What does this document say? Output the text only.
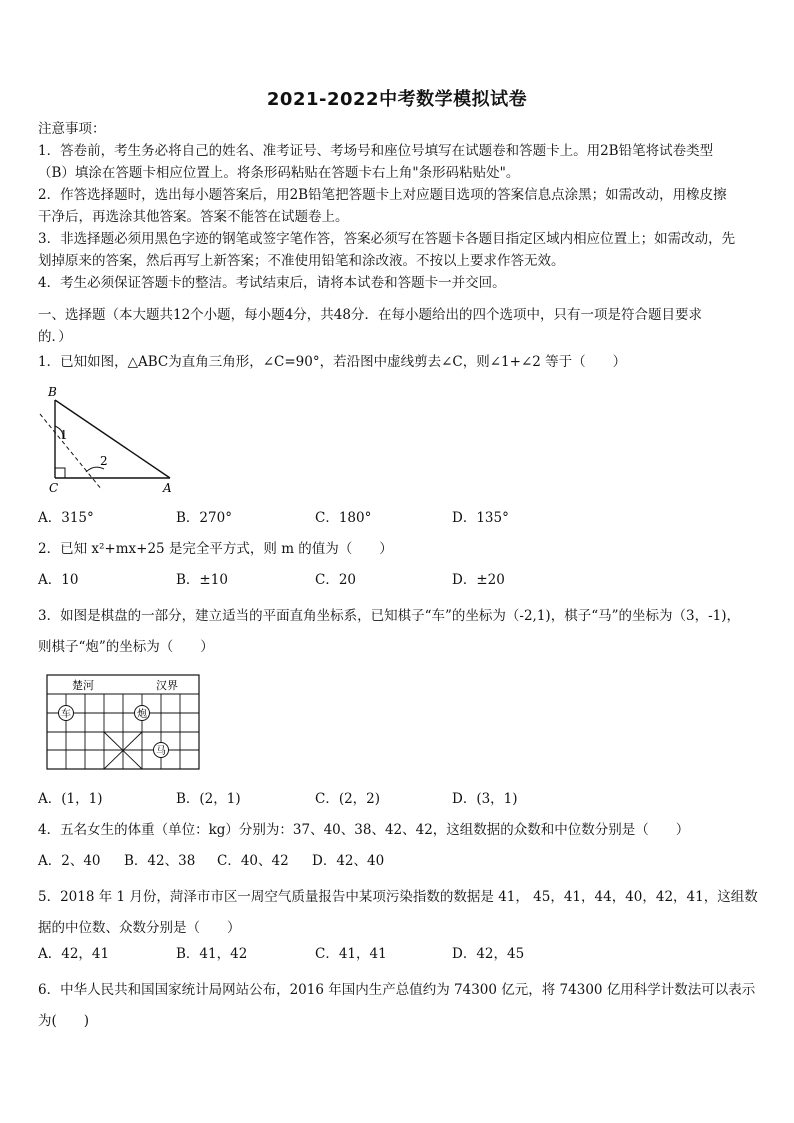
2021-2022中考数学模拟试卷
注意事项：
1．答卷前，考生务必将自己的姓名、准考证号、考场号和座位号填写在试题卷和答题卡上。用2B铅笔将试卷类型
（B）填涂在答题卡相应位置上。将条形码粘贴在答题卡右上角"条形码粘贴处"。
2．作答选择题时，选出每小题答案后，用2B铅笔把答题卡上对应题目选项的答案信息点涂黑；如需改动，用橡皮擦
干净后，再选涂其他答案。答案不能答在试题卷上。
3．非选择题必须用黑色字迹的钢笔或签字笔作答，答案必须写在答题卡各题目指定区域内相应位置上；如需改动，先
划掉原来的答案，然后再写上新答案；不准使用铅笔和涂改液。不按以上要求作答无效。
4．考生必须保证答题卡的整洁。考试结束后，请将本试卷和答题卡一并交回。
一、选择题（本大题共12个小题，每小题4分，共48分．在每小题给出的四个选项中，只有一项是符合题目要求
的．）
1．已知如图，△ABC为直角三角形，∠C=90°，若沿图中虚线剪去∠C，则∠1+∠2 等于（　　）
B
C	A
1
2
A．315°	B．270°	C．180°	D．135°
2．已知 x²+mx+25 是完全平方式，则 m 的值为（　　）
A．10	B．±10	C．20	D．±20
3．如图是棋盘的一部分，建立适当的平面直角坐标系，已知棋子“车”的坐标为（-2,1)，棋子“马”的坐标为（3，-1)，
则棋子“炮”的坐标为（　　）
楚河	汉界
车	炮
马
A．(1，1)	B．(2，1)	C．(2，2)	D．(3，1)
4．五名女生的体重（单位：kg）分别为：37、40、38、42、42，这组数据的众数和中位数分别是（　　）
A．2、40 B．42、38 C．40、42 D．42、40
5．2018 年 1 月份，菏泽市市区一周空气质量报告中某项污染指数的数据是 41， 45，41，44，40，42，41，这组数
据的中位数、众数分别是（　　）
A．42，41	B．41，42	C．41，41	D．42，45
6．中华人民共和国国家统计局网站公布，2016 年国内生产总值约为 74300 亿元，将 74300 亿用科学计数法可以表示
为(　　)
